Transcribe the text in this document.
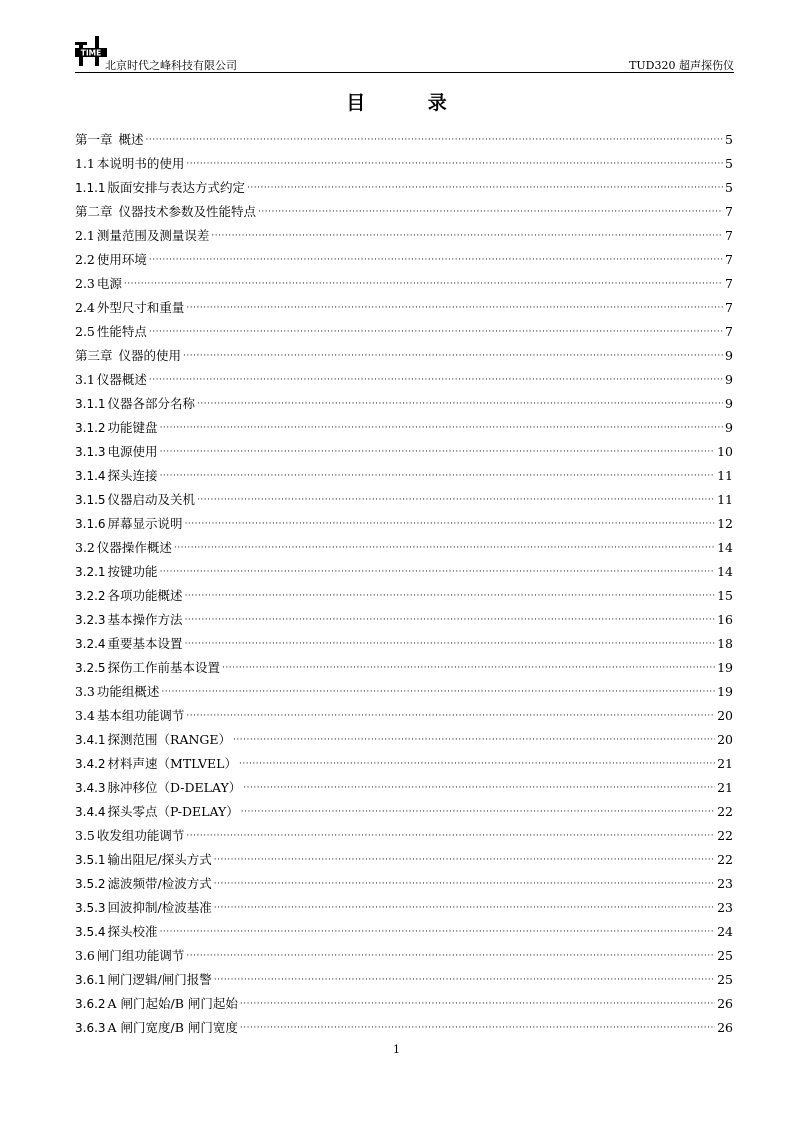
TIME
北京时代之峰科技有限公司	TUD320 超声探伤仪
目 录
第一章 概述 ·····	5
1.1 本说明书的使用 ·····	5
1.1.1 版面安排与表达方式约定 ·····	5
第二章 仪器技术参数及性能特点 ·····	7
2.1 测量范围及测量误差 ·····	7
2.2 使用环境 ·····	7
2.3 电源 ·····	7
2.4 外型尺寸和重量 ·····	7
2.5 性能特点 ·····	7
第三章 仪器的使用 ·····	9
3.1 仪器概述 ·····	9
3.1.1 仪器各部分名称 ·····	9
3.1.2 功能键盘 ·····	9
3.1.3 电源使用 ·····	10
3.1.4 探头连接 ·····	11
3.1.5 仪器启动及关机 ·····	11
3.1.6 屏幕显示说明 ·····	12
3.2 仪器操作概述 ·····	14
3.2.1 按键功能 ·····	14
3.2.2 各项功能概述 ·····	15
3.2.3 基本操作方法 ·····	16
3.2.4 重要基本设置 ·····	18
3.2.5 探伤工作前基本设置 ·····	19
3.3 功能组概述 ·····	19
3.4 基本组功能调节 ·····	20
3.4.1 探测范围（RANGE） ·····	20
3.4.2 材料声速（MTLVEL） ·····	21
3.4.3 脉冲移位（D-DELAY） ·····	21
3.4.4 探头零点（P-DELAY） ·····	22
3.5 收发组功能调节 ·····	22
3.5.1 输出阻尼/探头方式 ·····	22
3.5.2 滤波频带/检波方式 ·····	23
3.5.3 回波抑制/检波基准 ·····	23
3.5.4 探头校准 ·····	24
3.6 闸门组功能调节 ·····	25
3.6.1 闸门逻辑/闸门报警 ·····	25
3.6.2 A 闸门起始/B 闸门起始 ·····	26
3.6.3 A 闸门宽度/B 闸门宽度 ·····	26
1
